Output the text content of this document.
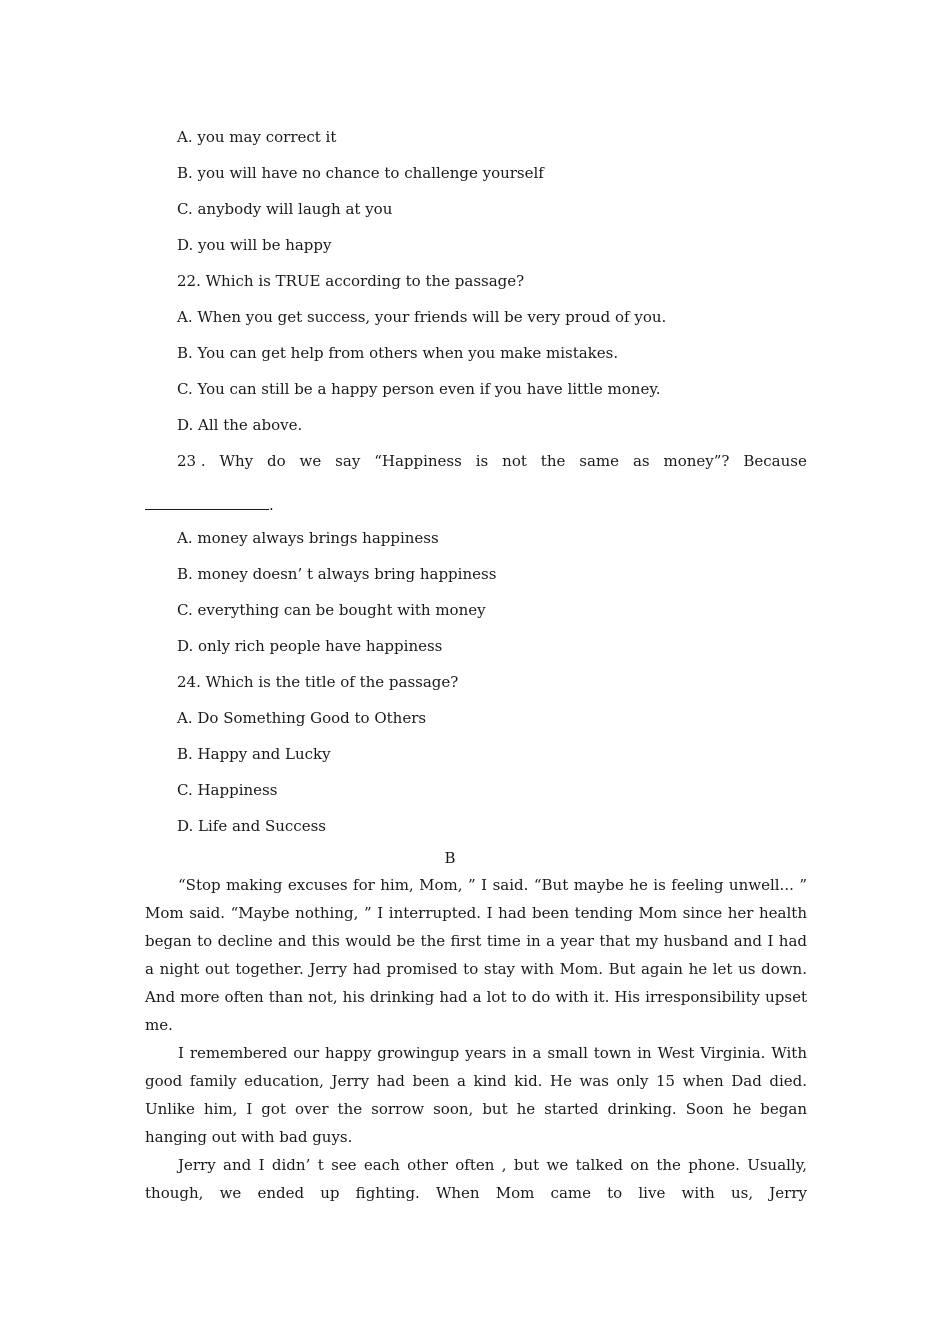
A. you may correct it
B. you will have no chance to challenge yourself
C. anybody will laugh at you
D. you will be happy
22. Which is TRUE according to the passage?
A. When you get success, your friends will be very proud of you.
B. You can get help from others when you make mistakes.
C. You can still be a happy person even if you have little money.
D. All the above.
23 . Why do we say “Happiness is not the same as money”? Because
.
A. money always brings happiness
B. money doesn’ t always bring happiness
C. everything can be bought with money
D. only rich people have happiness
24. Which is the title of the passage?
A. Do Something Good to Others
B. Happy and Lucky
C. Happiness
D. Life and Success
B

“Stop making excuses for him, Mom, ” I said. “But maybe he is feeling unwell... ” Mom said. “Maybe nothing, ” I interrupted. I had been tending Mom since her health began to decline and this would be the first time in a year that my husband and I had a night out together. Jerry had promised to stay with Mom. But again he let us down. And more often than not, his drinking had a lot to do with it. His irresponsibility upset me.

I remembered our happy growingup years in a small town in West Virginia. With good family education, Jerry had been a kind kid. He was only 15 when Dad died. Unlike him, I got over the sorrow soon, but he started drinking. Soon he began hanging out with bad guys.

Jerry and I didn’ t see each other often , but we talked on the phone. Usually, though, we ended up fighting. When Mom came to live with us, Jerry
